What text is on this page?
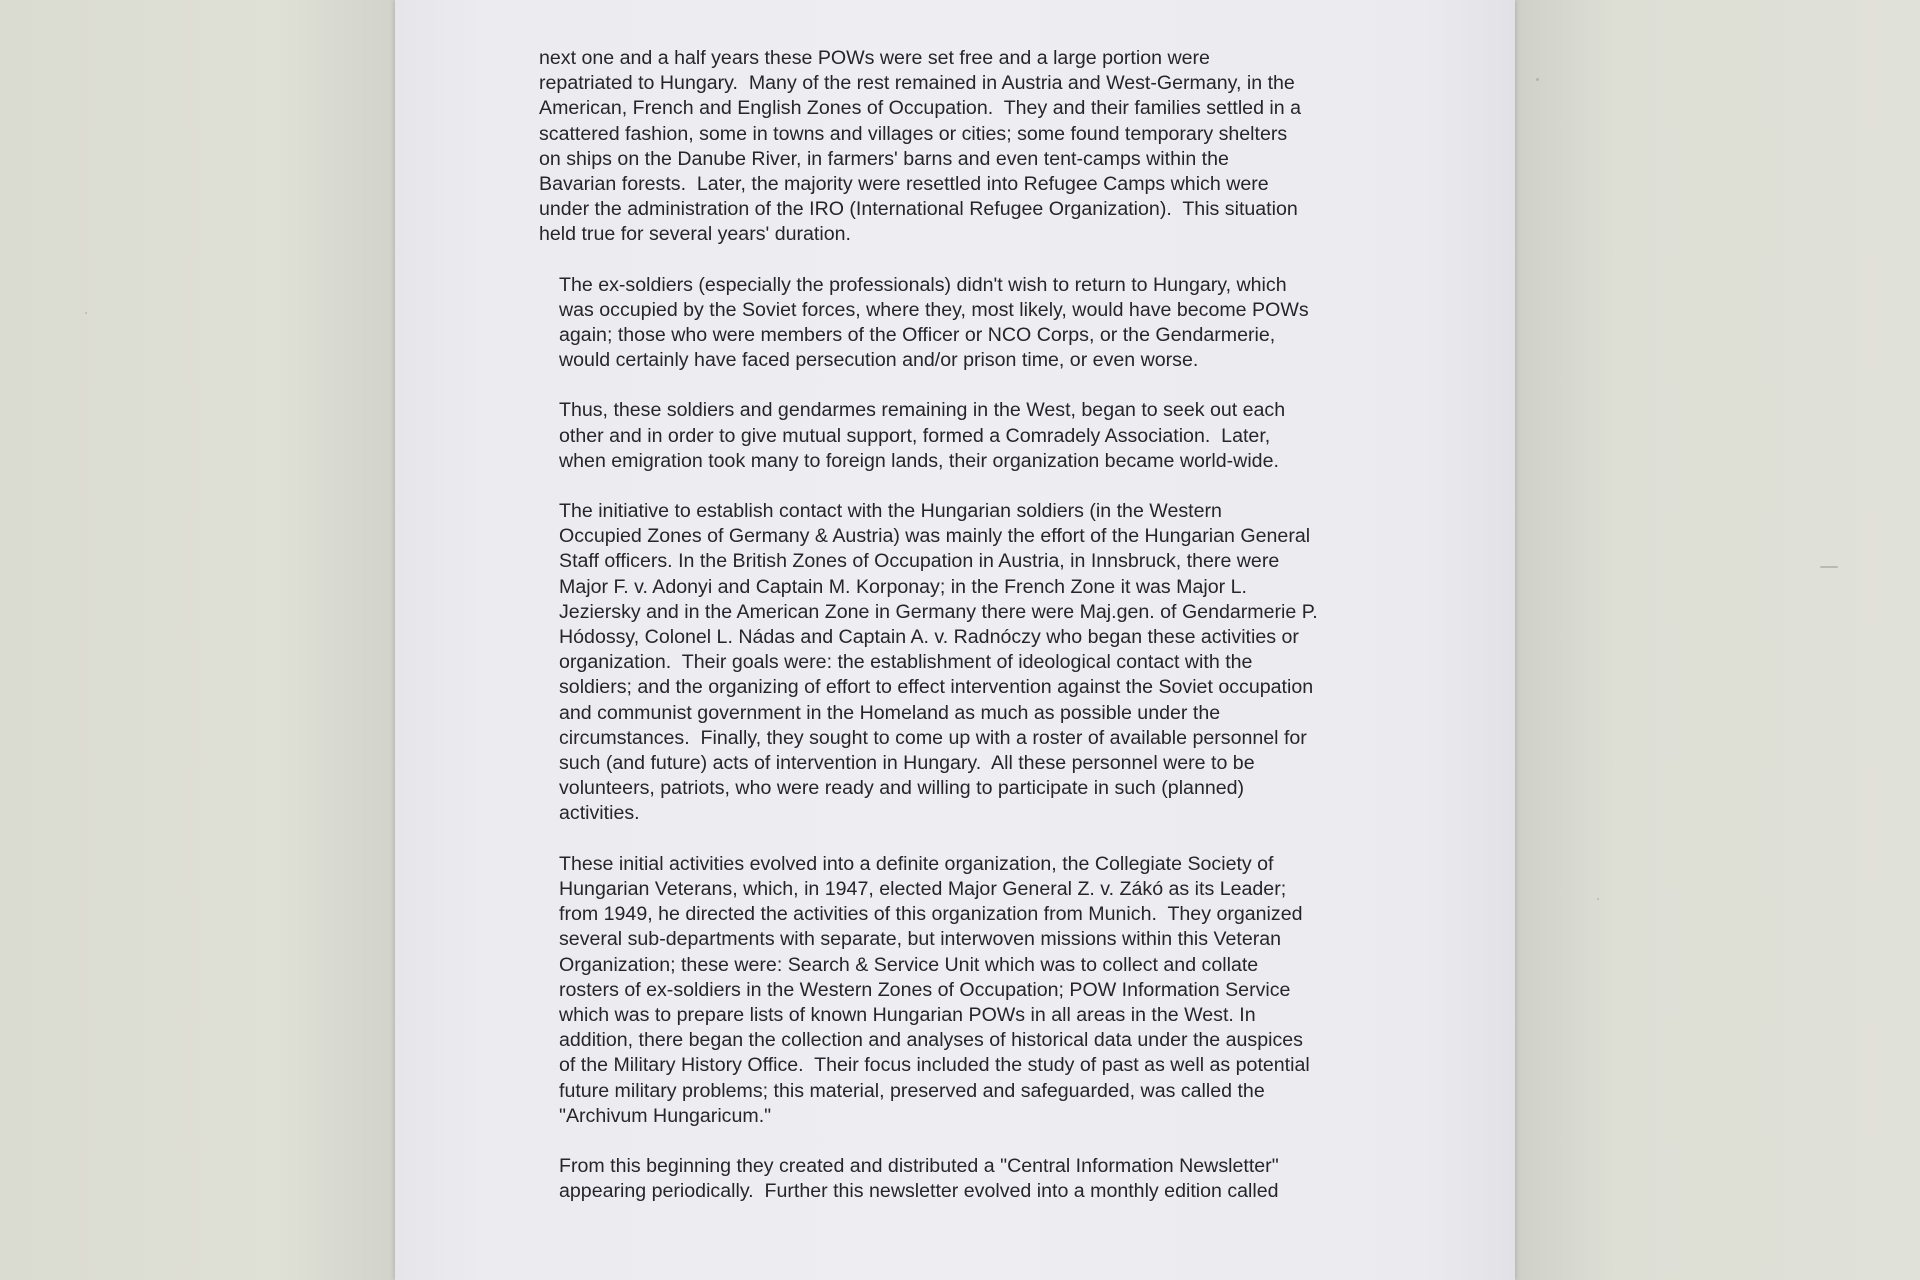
next one and a half years these POWs were set free and a large portion were
repatriated to Hungary.  Many of the rest remained in Austria and West-Germany, in the
American, French and English Zones of Occupation.  They and their families settled in a
scattered fashion, some in towns and villages or cities; some found temporary shelters
on ships on the Danube River, in farmers' barns and even tent-camps within the
Bavarian forests.  Later, the majority were resettled into Refugee Camps which were
under the administration of the IRO (International Refugee Organization).  This situation
held true for several years' duration.
The ex-soldiers (especially the professionals) didn't wish to return to Hungary, which
was occupied by the Soviet forces, where they, most likely, would have become POWs
again; those who were members of the Officer or NCO Corps, or the Gendarmerie,
would certainly have faced persecution and/or prison time, or even worse.
Thus, these soldiers and gendarmes remaining in the West, began to seek out each
other and in order to give mutual support, formed a Comradely Association.  Later,
when emigration took many to foreign lands, their organization became world-wide.
The initiative to establish contact with the Hungarian soldiers (in the Western
Occupied Zones of Germany & Austria) was mainly the effort of the Hungarian General
Staff officers. In the British Zones of Occupation in Austria, in Innsbruck, there were
Major F. v. Adonyi and Captain M. Korponay; in the French Zone it was Major L.
Jeziersky and in the American Zone in Germany there were Maj.gen. of Gendarmerie P.
Hódossy, Colonel L. Nádas and Captain A. v. Radnóczy who began these activities or
organization.  Their goals were: the establishment of ideological contact with the
soldiers; and the organizing of effort to effect intervention against the Soviet occupation
and communist government in the Homeland as much as possible under the
circumstances.  Finally, they sought to come up with a roster of available personnel for
such (and future) acts of intervention in Hungary.  All these personnel were to be
volunteers, patriots, who were ready and willing to participate in such (planned)
activities.
These initial activities evolved into a definite organization, the Collegiate Society of
Hungarian Veterans, which, in 1947, elected Major General Z. v. Zákó as its Leader;
from 1949, he directed the activities of this organization from Munich.  They organized
several sub-departments with separate, but interwoven missions within this Veteran
Organization; these were: Search & Service Unit which was to collect and collate
rosters of ex-soldiers in the Western Zones of Occupation; POW Information Service
which was to prepare lists of known Hungarian POWs in all areas in the West. In
addition, there began the collection and analyses of historical data under the auspices
of the Military History Office.  Their focus included the study of past as well as potential
future military problems; this material, preserved and safeguarded, was called the
"Archivum Hungaricum."
From this beginning they created and distributed a "Central Information Newsletter"
appearing periodically.  Further this newsletter evolved into a monthly edition called
